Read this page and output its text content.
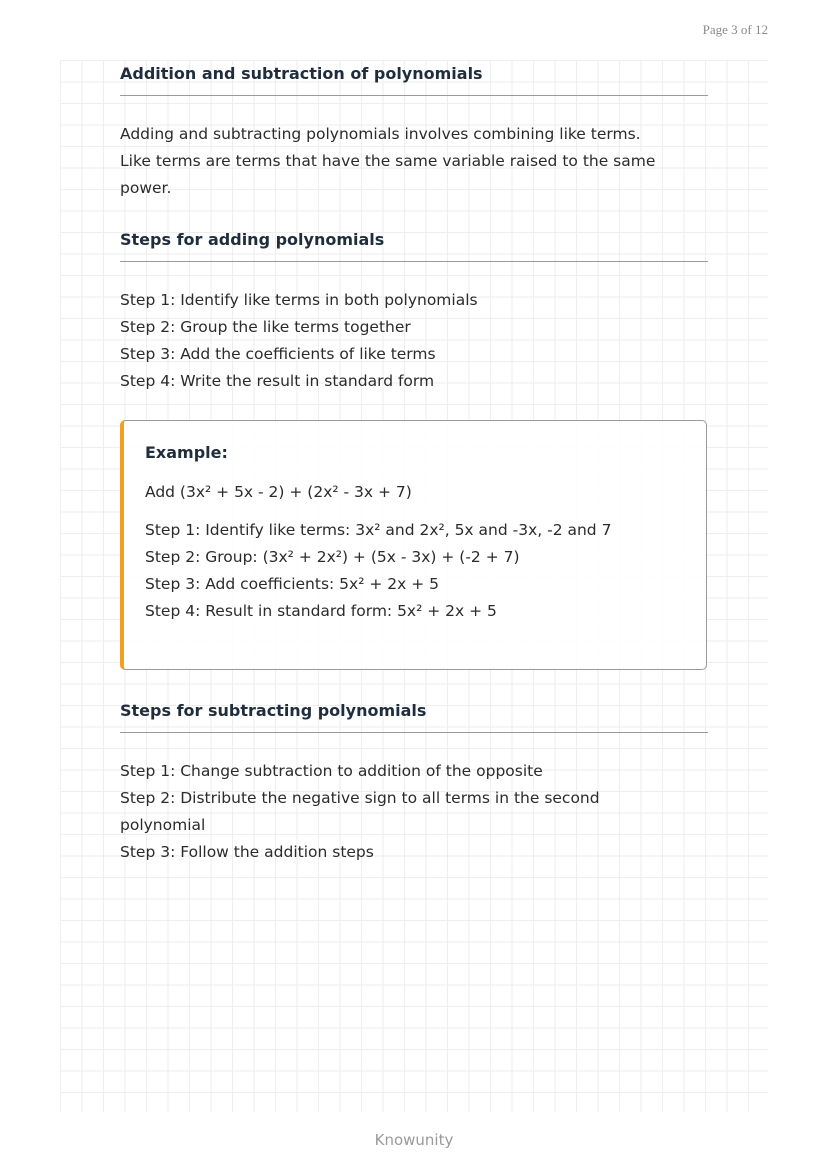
Page 3 of 12
Addition and subtraction of polynomials

Adding and subtracting polynomials involves combining like terms.

Like terms are terms that have the same variable raised to the same

power.

Steps for adding polynomials
Step 1: Identify like terms in both polynomials
Step 2: Group the like terms together
Step 3: Add the coefficients of like terms
Step 4: Write the result in standard form

Example:

Add (3x² + 5x - 2) + (2x² - 3x + 7)

Step 1: Identify like terms: 3x² and 2x², 5x and -3x, -2 and 7
Step 2: Group: (3x² + 2x²) + (5x - 3x) + (-2 + 7)
Step 3: Add coefficients: 5x² + 2x + 5
Step 4: Result in standard form: 5x² + 2x + 5
Steps for subtracting polynomials
Step 1: Change subtraction to addition of the opposite
Step 2: Distribute the negative sign to all terms in the second
polynomial
Step 3: Follow the addition steps
Knowunity
